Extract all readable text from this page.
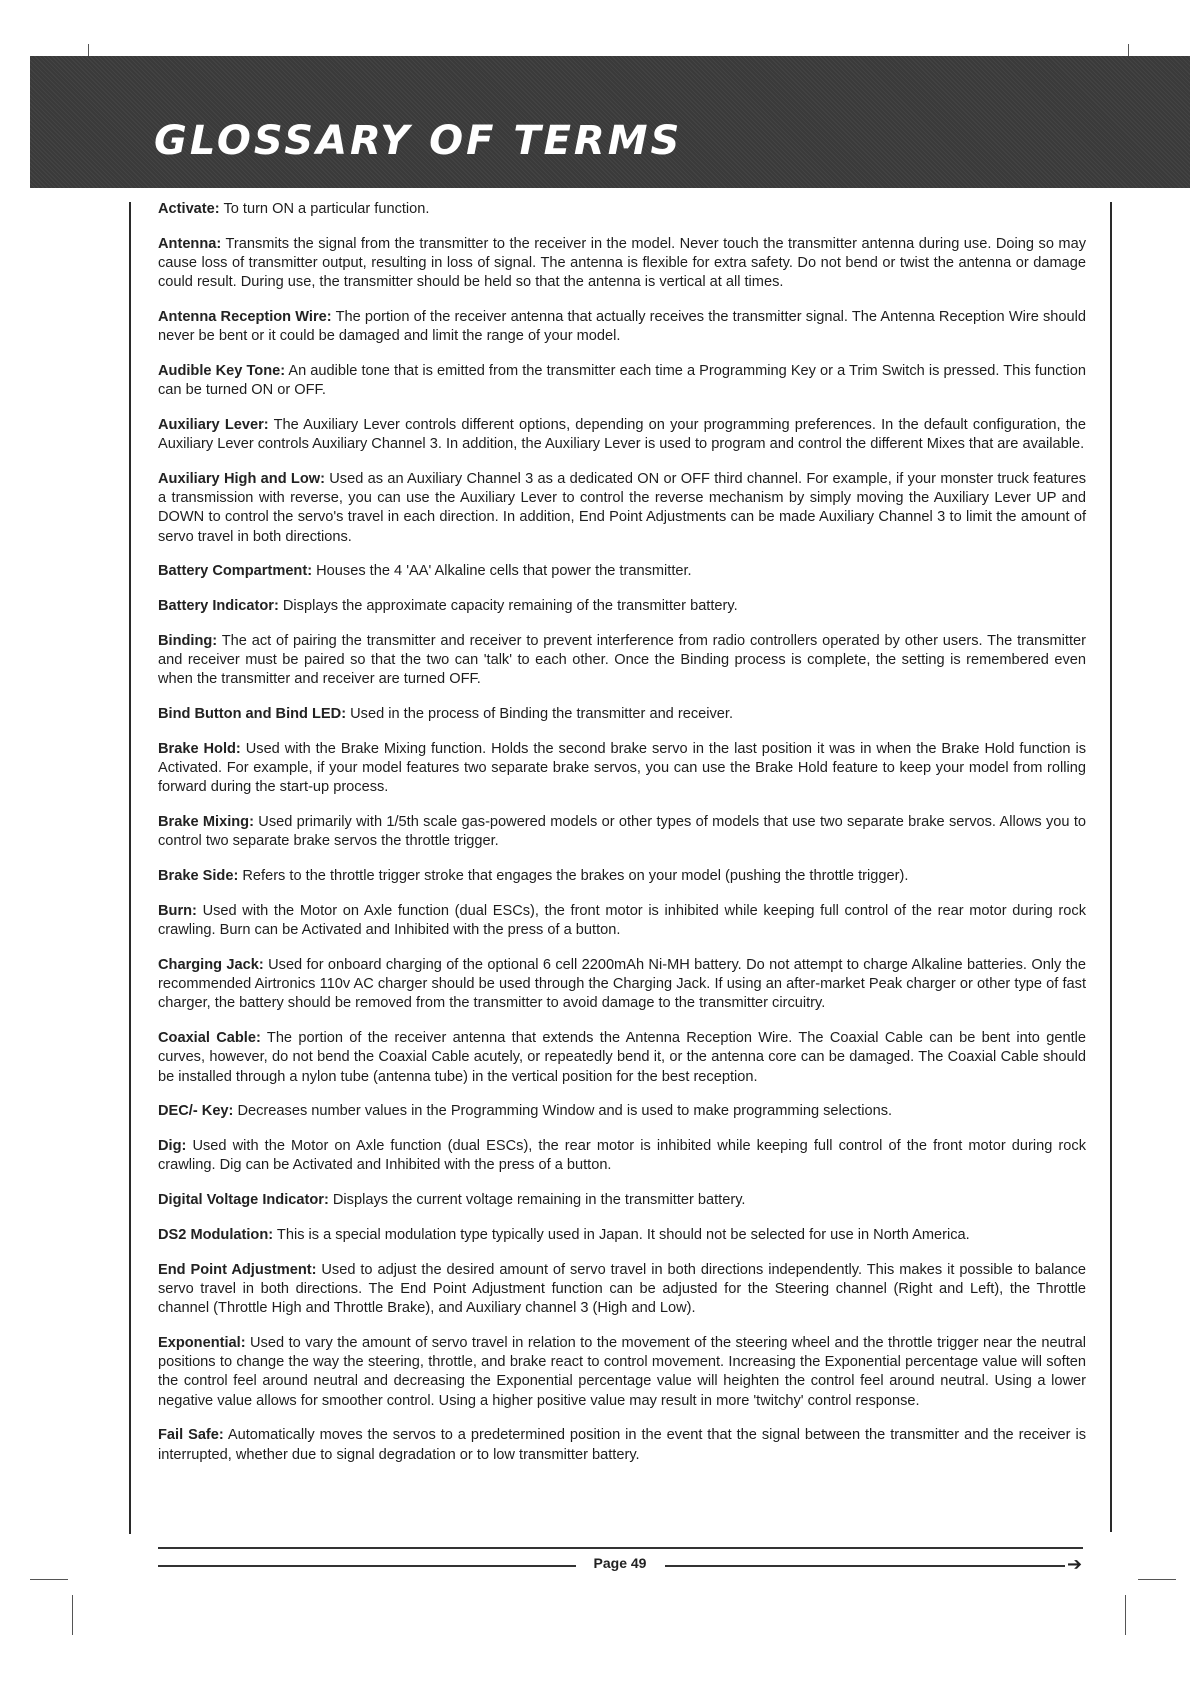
GLOSSARY OF TERMS

Activate: To turn ON a particular function.

Antenna: Transmits the signal from the transmitter to the receiver in the model. Never touch the transmitter antenna during use. Doing so may cause loss of transmitter output, resulting in loss of signal. The antenna is flexible for extra safety. Do not bend or twist the antenna or damage could result. During use, the transmitter should be held so that the antenna is vertical at all times.

Antenna Reception Wire: The portion of the receiver antenna that actually receives the transmitter signal. The Antenna Reception Wire should never be bent or it could be damaged and limit the range of your model.

Audible Key Tone: An audible tone that is emitted from the transmitter each time a Programming Key or a Trim Switch is pressed. This function can be turned ON or OFF.

Auxiliary Lever: The Auxiliary Lever controls different options, depending on your programming preferences. In the default configuration, the Auxiliary Lever controls Auxiliary Channel 3. In addition, the Auxiliary Lever is used to program and control the different Mixes that are available.

Auxiliary High and Low: Used as an Auxiliary Channel 3 as a dedicated ON or OFF third channel. For example, if your monster truck features a transmission with reverse, you can use the Auxiliary Lever to control the reverse mechanism by simply moving the Auxiliary Lever UP and DOWN to control the servo's travel in each direction. In addition, End Point Adjustments can be made Auxiliary Channel 3 to limit the amount of servo travel in both directions.

Battery Compartment: Houses the 4 'AA' Alkaline cells that power the transmitter.

Battery Indicator: Displays the approximate capacity remaining of the transmitter battery.

Binding: The act of pairing the transmitter and receiver to prevent interference from radio controllers operated by other users. The transmitter and receiver must be paired so that the two can 'talk' to each other. Once the Binding process is complete, the setting is remembered even when the transmitter and receiver are turned OFF.

Bind Button and Bind LED: Used in the process of Binding the transmitter and receiver.

Brake Hold: Used with the Brake Mixing function. Holds the second brake servo in the last position it was in when the Brake Hold function is Activated. For example, if your model features two separate brake servos, you can use the Brake Hold feature to keep your model from rolling forward during the start-up process.

Brake Mixing: Used primarily with 1/5th scale gas-powered models or other types of models that use two separate brake servos. Allows you to control two separate brake servos the throttle trigger.

Brake Side: Refers to the throttle trigger stroke that engages the brakes on your model (pushing the throttle trigger).

Burn: Used with the Motor on Axle function (dual ESCs), the front motor is inhibited while keeping full control of the rear motor during rock crawling. Burn can be Activated and Inhibited with the press of a button.

Charging Jack: Used for onboard charging of the optional 6 cell 2200mAh Ni-MH battery. Do not attempt to charge Alkaline batteries. Only the recommended Airtronics 110v AC charger should be used through the Charging Jack. If using an after-market Peak charger or other type of fast charger, the battery should be removed from the transmitter to avoid damage to the transmitter circuitry.

Coaxial Cable: The portion of the receiver antenna that extends the Antenna Reception Wire. The Coaxial Cable can be bent into gentle curves, however, do not bend the Coaxial Cable acutely, or repeatedly bend it, or the antenna core can be damaged. The Coaxial Cable should be installed through a nylon tube (antenna tube) in the vertical position for the best reception.

DEC/- Key: Decreases number values in the Programming Window and is used to make programming selections.

Dig: Used with the Motor on Axle function (dual ESCs), the rear motor is inhibited while keeping full control of the front motor during rock crawling. Dig can be Activated and Inhibited with the press of a button.

Digital Voltage Indicator: Displays the current voltage remaining in the transmitter battery.

DS2 Modulation: This is a special modulation type typically used in Japan. It should not be selected for use in North America.

End Point Adjustment: Used to adjust the desired amount of servo travel in both directions independently. This makes it possible to balance servo travel in both directions. The End Point Adjustment function can be adjusted for the Steering channel (Right and Left), the Throttle channel (Throttle High and Throttle Brake), and Auxiliary channel 3 (High and Low).

Exponential: Used to vary the amount of servo travel in relation to the movement of the steering wheel and the throttle trigger near the neutral positions to change the way the steering, throttle, and brake react to control movement. Increasing the Exponential percentage value will soften the control feel around neutral and decreasing the Exponential percentage value will heighten the control feel around neutral. Using a lower negative value allows for smoother control. Using a higher positive value may result in more 'twitchy' control response.

Fail Safe: Automatically moves the servos to a predetermined position in the event that the signal between the transmitter and the receiver is interrupted, whether due to signal degradation or to low transmitter battery.

Page 49	➔
